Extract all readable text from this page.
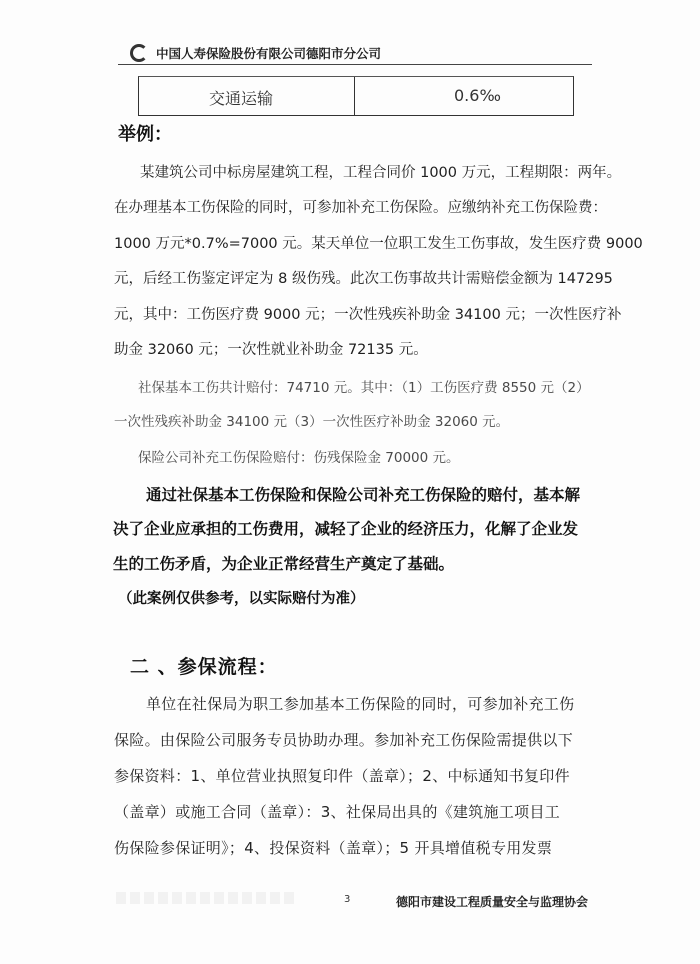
中国人寿保险股份有限公司德阳市分公司
交通运输	0.6‰
举例：
某建筑公司中标房屋建筑工程，工程合同价 1000 万元，工程期限：两年。
在办理基本工伤保险的同时，可参加补充工伤保险。应缴纳补充工伤保险费：
1000 万元*0.7%=7000 元。某天单位一位职工发生工伤事故，发生医疗费 9000
元，后经工伤鉴定评定为 8 级伤残。此次工伤事故共计需赔偿金额为 147295
元，其中：工伤医疗费 9000 元；一次性残疾补助金 34100 元；一次性医疗补
助金 32060 元；一次性就业补助金 72135 元。
社保基本工伤共计赔付：74710 元。其中：（1）工伤医疗费 8550 元（2）
一次性残疾补助金 34100 元（3）一次性医疗补助金 32060 元。
保险公司补充工伤保险赔付：伤残保险金 70000 元。
通过社保基本工伤保险和保险公司补充工伤保险的赔付，基本解
决了企业应承担的工伤费用，减轻了企业的经济压力，化解了企业发
生的工伤矛盾，为企业正常经营生产奠定了基础。
（此案例仅供参考，以实际赔付为准）
二 、参保流程：
单位在社保局为职工参加基本工伤保险的同时，可参加补充工伤
保险。由保险公司服务专员协助办理。参加补充工伤保险需提供以下
参保资料：1、单位营业执照复印件（盖章）；2、中标通知书复印件
（盖章）或施工合同（盖章）：3、社保局出具的《建筑施工项目工
伤保险参保证明》；4、投保资料（盖章）；5 开具增值税专用发票
3	德阳市建设工程质量安全与监理协会
